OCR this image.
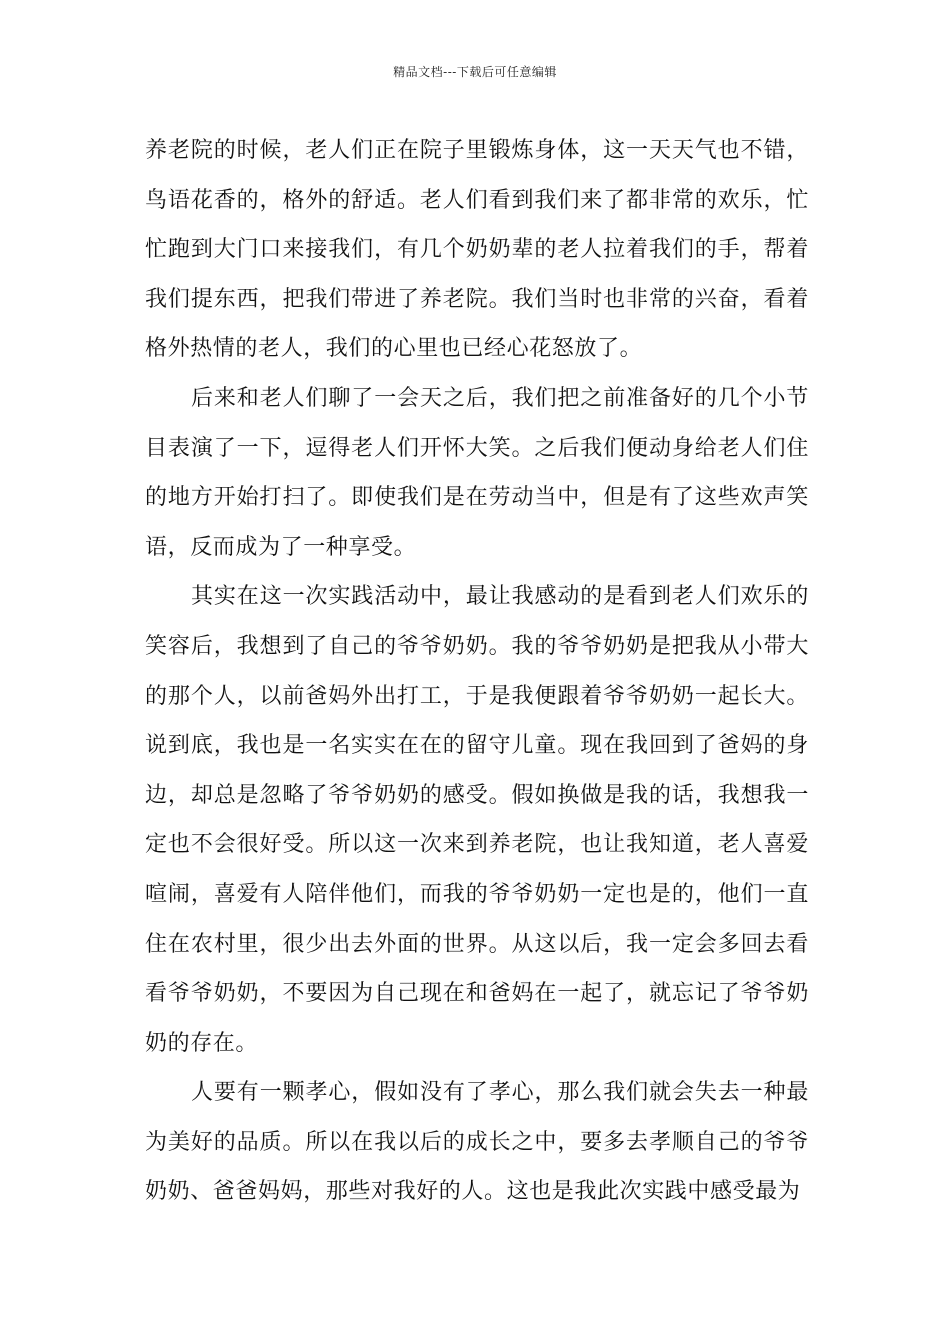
精品文档---下载后可任意编辑

养老院的时候，老人们正在院子里锻炼身体，这一天天气也不错，鸟语花香的，格外的舒适。老人们看到我们来了都非常的欢乐，忙忙跑到大门口来接我们，有几个奶奶辈的老人拉着我们的手，帮着我们提东西，把我们带进了养老院。我们当时也非常的兴奋，看着格外热情的老人，我们的心里也已经心花怒放了。

后来和老人们聊了一会天之后，我们把之前准备好的几个小节目表演了一下，逗得老人们开怀大笑。之后我们便动身给老人们住的地方开始打扫了。即使我们是在劳动当中，但是有了这些欢声笑语，反而成为了一种享受。

其实在这一次实践活动中，最让我感动的是看到老人们欢乐的笑容后，我想到了自己的爷爷奶奶。我的爷爷奶奶是把我从小带大的那个人，以前爸妈外出打工，于是我便跟着爷爷奶奶一起长大。说到底，我也是一名实实在在的留守儿童。现在我回到了爸妈的身边，却总是忽略了爷爷奶奶的感受。假如换做是我的话，我想我一定也不会很好受。所以这一次来到养老院，也让我知道，老人喜爱喧闹，喜爱有人陪伴他们，而我的爷爷奶奶一定也是的，他们一直住在农村里，很少出去外面的世界。从这以后，我一定会多回去看看爷爷奶奶，不要因为自己现在和爸妈在一起了，就忘记了爷爷奶奶的存在。

人要有一颗孝心，假如没有了孝心，那么我们就会失去一种最为美好的品质。所以在我以后的成长之中，要多去孝顺自己的爷爷奶奶、爸爸妈妈，那些对我好的人。这也是我此次实践中感受最为
